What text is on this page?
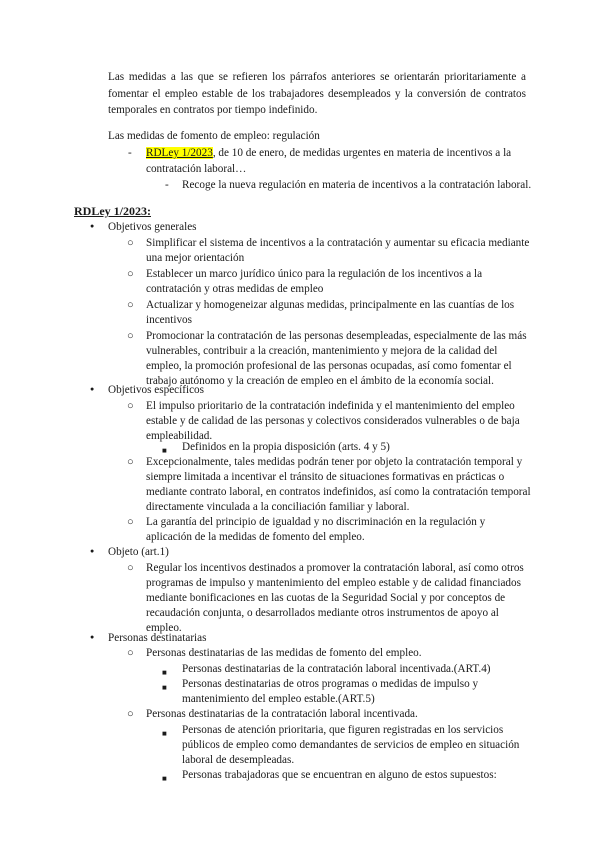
Las medidas a las que se refieren los párrafos anteriores se orientarán prioritariamente a fomentar el empleo estable de los trabajadores desempleados y la conversión de contratos temporales en contratos por tiempo indefinido.
Las medidas de fomento de empleo: regulación
- RDLey 1/2023, de 10 de enero, de medidas urgentes en materia de incentivos a la
contratación laboral…
- Recoge la nueva regulación en materia de incentivos a la contratación laboral.
RDLey 1/2023:
●
Objetivos generales
○ Simplificar el sistema de incentivos a la contratación y aumentar su eficacia mediante
una mejor orientación
○ Establecer un marco jurídico único para la regulación de los incentivos a la
contratación y otras medidas de empleo
○ Actualizar y homogeneizar algunas medidas, principalmente en las cuantías de los
incentivos
○ Promocionar la contratación de las personas desempleadas, especialmente de las más
vulnerables, contribuir a la creación, mantenimiento y mejora de la calidad del
empleo, la promoción profesional de las personas ocupadas, así como fomentar el
trabajo autónomo y la creación de empleo en el ámbito de la economía social.
●
Objetivos específicos
○ El impulso prioritario de la contratación indefinida y el mantenimiento del empleo
estable y de calidad de las personas y colectivos considerados vulnerables o de baja
empleabilidad.
■ Definidos en la propia disposición (arts. 4 y 5)
○ Excepcionalmente, tales medidas podrán tener por objeto la contratación temporal y
siempre limitada a incentivar el tránsito de situaciones formativas en prácticas o
mediante contrato laboral, en contratos indefinidos, así como la contratación temporal
directamente vinculada a la conciliación familiar y laboral.
○ La garantía del principio de igualdad y no discriminación en la regulación y
aplicación de la medidas de fomento del empleo.
●
Objeto (art.1)
○ Regular los incentivos destinados a promover la contratación laboral, así como otros
programas de impulso y mantenimiento del empleo estable y de calidad financiados
mediante bonificaciones en las cuotas de la Seguridad Social y por conceptos de
recaudación conjunta, o desarrollados mediante otros instrumentos de apoyo al
empleo.
●
Personas destinatarias
○ Personas destinatarias de las medidas de fomento del empleo.
■ Personas destinatarias de la contratación laboral incentivada.(ART.4)
■ Personas destinatarias de otros programas o medidas de impulso y
mantenimiento del empleo estable.(ART.5)
○ Personas destinatarias de la contratación laboral incentivada.
■ Personas de atención prioritaria, que figuren registradas en los servicios
públicos de empleo como demandantes de servicios de empleo en situación
laboral de desempleadas.
■ Personas trabajadoras que se encuentran en alguno de estos supuestos:
